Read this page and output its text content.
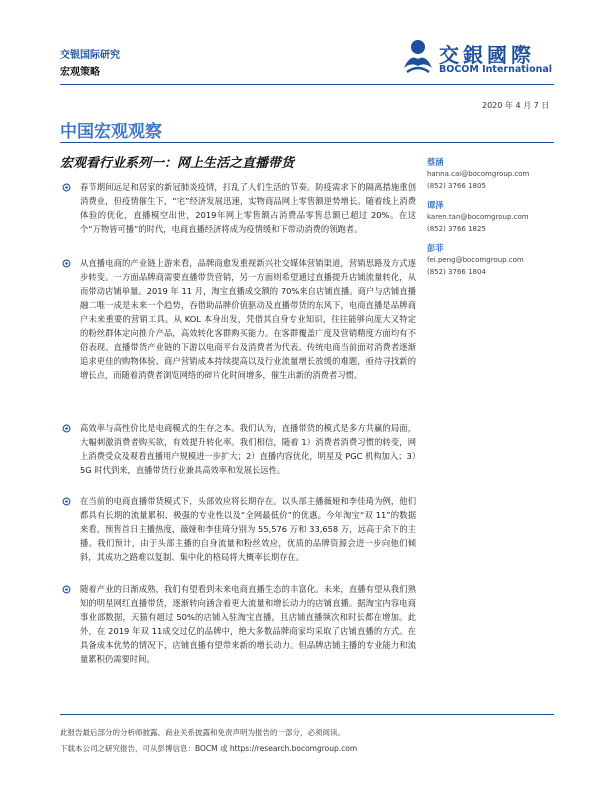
交银国际研究
宏观策略
交銀國際
BOCOM International
2020 年 4 月 7 日
中国宏观观察
宏观看行业系列一：网上生活之直播带货
春节期间远足和居家的新冠肺炎疫情，打乱了人们生活的节奏。防疫需求下的隔离措施重创消费业，但疫情催生下，“宅”经济发展迅速，实物商品网上零售额逆势增长。随着线上消费体验的优化，直播模空出世，2019年网上零售额占消费品零售总额已超过 20%。在这个“万物皆可播”的时代，电商直播经济将成为疫情缓和下带动消费的领跑者。
从直播电商的产业链上游来看，品牌商愈发重视新兴社交媒体营销渠道，营销思路及方式逐步转变。一方面品牌商需要直播带货营销，另一方面则希望通过直播提升店铺流量转化，从而带动店铺单量。2019 年 11 月，淘宝直播成交额的 70%来自店铺直播。商户与店铺直播融二唯一成是未来一个趋势，吞借助品牌价值驱动及直播带货的东风下，电商直播是品牌商户未来重要的营销工具。从 KOL 本身出发，凭借其自身专业知识，往往能够向庞大又特定的粉丝群体定向推介产品，高效转化客群购买能力。在客群覆盖广度及营销精度方面均有不俗表现。直播带货产业链的下游以电商平台及消费者为代表。传统电商当前面对消费者逐渐追求更佳的购物体验、商户营销成本持续提高以及行业流量增长放缓的难题，亟待寻找新的增长点，而随着消费者浏览网络的碎片化时间增多，催生出新的消费者习惯。
高效率与高性价比是电商模式的生存之本。我们认为，直播带货的模式是多方共赢的局面，大幅刺激消费者购买欲，有效提升转化率。我们相信，随着 1）消费者消费习惯的转变，网上消费受众及观看直播用户规模进一步扩大；2）直播内容优化，明星及 PGC 机构加入；3）5G 时代到来，直播带货行业兼具高效率和发展长远性。
在当前的电商直播带货模式下，头部效应将长期存在。以头部主播薇娅和李佳琦为例，他们都具有长期的流量累积、极强的专业性以及“全网最低价”的优惠。今年淘宝“双 11”的数据来看，预售首日主播热度，薇娅和李佳琦分别为 55,576 万和 33,658 万，远高于余下的主播。我们预计，由于头部主播的自身流量和粉丝效应，优质的品牌资源会进一步向他们倾斜，其成功之路难以复制、集中化的格局将大概率长期存在。
随着产业的日渐成熟，我们有望看到未来电商直播生态的丰富化。未来，直播有望从我们熟知的明星网红直播带货，逐渐转向涵含着更大流量和增长动力的店铺直播。据淘宝内容电商事业部数据，天猫有超过 50%的店铺入驻淘宝直播，且店铺直播频次和时长都在增加。此外，在 2019 年双 11成交过亿的品牌中，绝大多数品牌商家均采取了店铺直播的方式。在具备成本优势的情况下，店铺直播有望带来新的增长动力。但品牌店铺主播的专业能力和流量累积仍需要时间。
蔡涵
hanna.cai@bocomgroup.com
(852) 3766 1805
谭泽
karen.tan@bocomgroup.com
(852) 3766 1825
彭菲
fei.peng@bocomgroup.com
(852) 3766 1804
此报告最后部分的分析师披露、商业关系披露和免责声明为报告的一部分，必须阅读。
下载本公司之研究报告，可从彭博信息：BOCM 或 https://research.bocomgroup.com
